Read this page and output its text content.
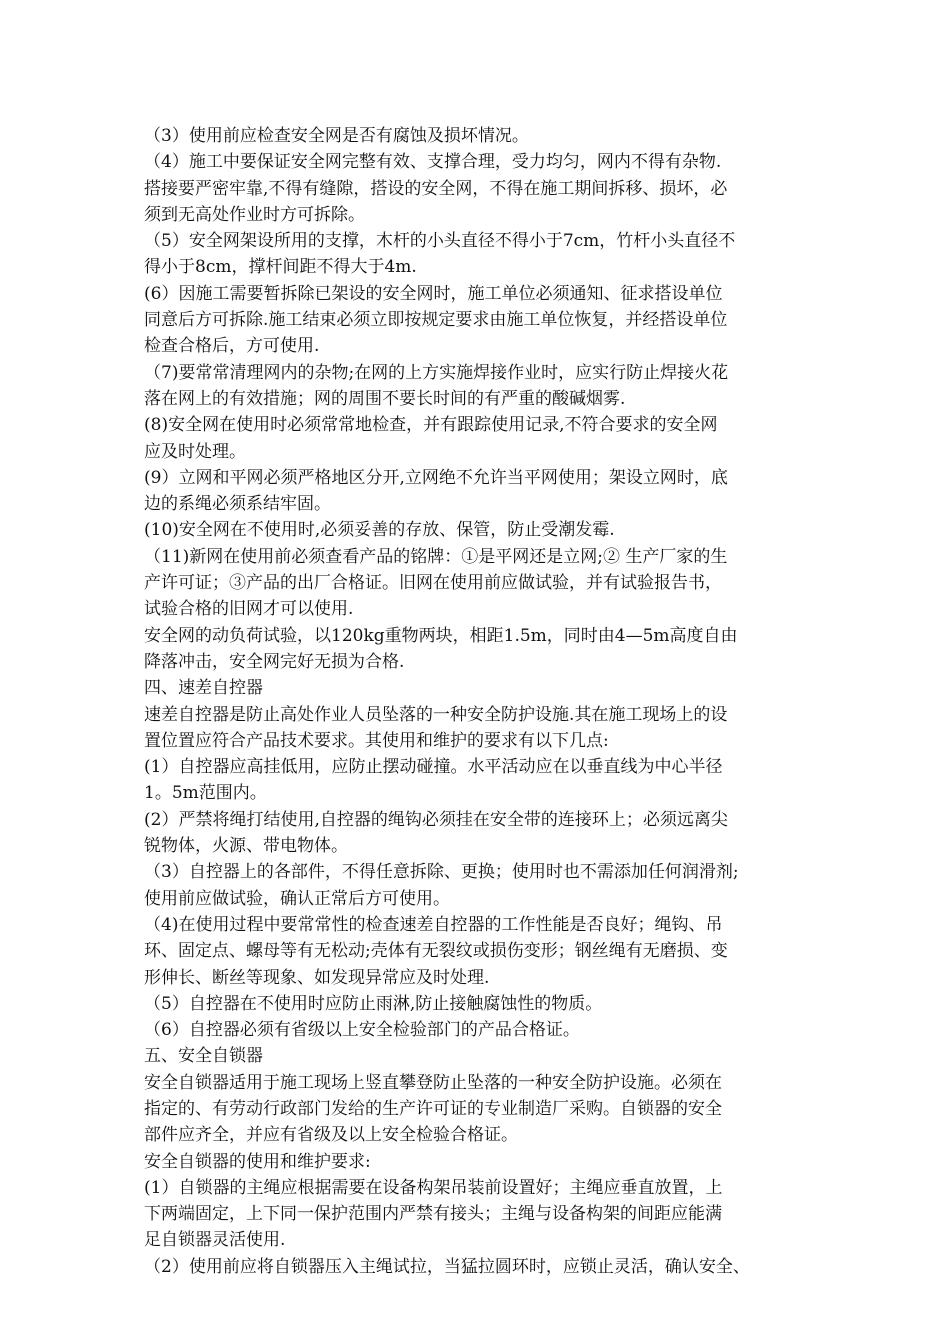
（3）使用前应检查安全网是否有腐蚀及损坏情况。

（4）施工中要保证安全网完整有效、支撑合理，受力均匀，网内不得有杂物.

搭接要严密牢靠,不得有缝隙，搭设的安全网，不得在施工期间拆移、损坏，必

须到无高处作业时方可拆除。

（5）安全网架设所用的支撑，木杆的小头直径不得小于7cm，竹杆小头直径不

得小于8cm，撑杆间距不得大于4m.

(6）因施工需要暂拆除已架设的安全网时，施工单位必须通知、征求搭设单位

同意后方可拆除.施工结束必须立即按规定要求由施工单位恢复，并经搭设单位

检查合格后，方可使用.

（7)要常常清理网内的杂物;在网的上方实施焊接作业时，应实行防止焊接火花

落在网上的有效措施；网的周围不要长时间的有严重的酸碱烟雾.

(8)安全网在使用时必须常常地检查，并有跟踪使用记录,不符合要求的安全网

应及时处理。

(9）立网和平网必须严格地区分开,立网绝不允许当平网使用；架设立网时，底

边的系绳必须系结牢固。

(10)安全网在不使用时,必须妥善的存放、保管，防止受潮发霉.

（11)新网在使用前必须查看产品的铭牌：①是平网还是立网;② 生产厂家的生

产许可证；③产品的出厂合格证。旧网在使用前应做试验，并有试验报告书，

试验合格的旧网才可以使用.

安全网的动负荷试验，以120kg重物两块，相距1.5m，同时由4—5m高度自由

降落冲击，安全网完好无损为合格.

四、速差自控器

速差自控器是防止高处作业人员坠落的一种安全防护设施.其在施工现场上的设

置位置应符合产品技术要求。其使用和维护的要求有以下几点:

(1）自控器应高挂低用，应防止摆动碰撞。水平活动应在以垂直线为中心半径

1。5m范围内。

(2）严禁将绳打结使用,自控器的绳钩必须挂在安全带的连接环上；必须远离尖

锐物体，火源、带电物体。

（3）自控器上的各部件，不得任意拆除、更换；使用时也不需添加任何润滑剂;

使用前应做试验，确认正常后方可使用。

（4)在使用过程中要常常性的检查速差自控器的工作性能是否良好；绳钩、吊

环、固定点、螺母等有无松动;壳体有无裂纹或损伤变形；钢丝绳有无磨损、变

形伸长、断丝等现象、如发现异常应及时处理.

（5）自控器在不使用时应防止雨淋,防止接触腐蚀性的物质。

（6）自控器必须有省级以上安全检验部门的产品合格证。

五、安全自锁器

安全自锁器适用于施工现场上竖直攀登防止坠落的一种安全防护设施。必须在

指定的、有劳动行政部门发给的生产许可证的专业制造厂采购。自锁器的安全

部件应齐全，并应有省级及以上安全检验合格证。

安全自锁器的使用和维护要求:

(1）自锁器的主绳应根据需要在设备构架吊装前设置好；主绳应垂直放置，上

下两端固定，上下同一保护范围内严禁有接头；主绳与设备构架的间距应能满

足自锁器灵活使用.

（2）使用前应将自锁器压入主绳试拉，当猛拉圆环时，应锁止灵活，确认安全、
